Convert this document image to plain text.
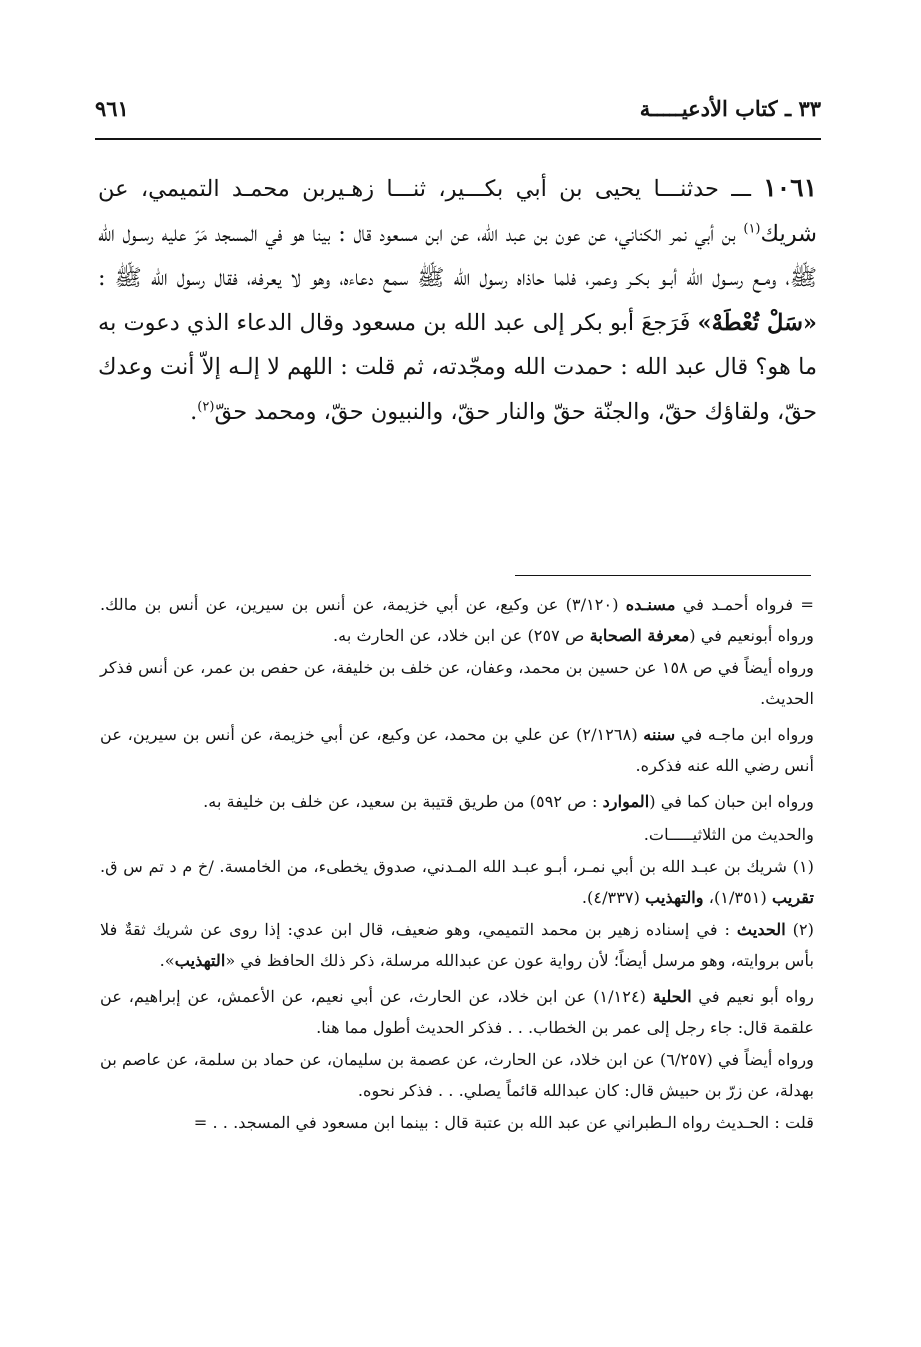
٣٣ ـ كتاب الأدعيـــــة
٩٦١
١٠٦١ ـــ حدثنـــا يحيى بن أبي بكـــير، ثنـــا زهـيربن محمـد التميمي، عن شريك$^{(١)}$ بن أبي نمر الكناني، عن عون بن عبد الله، عن ابن مسعود قال : بينا هو في المسجد مَرّ عليه رسـول الله ﷺ، ومـع رسـول الله أبـو بكـر وعمر، فلما حاذاه رسول الله ﷺ سمع دعاءه، وهو لا يعرفه، فقال رسول الله ﷺ : «سَلْ تُعْطَهْ» فَرَجعَ أبو بكر إلى عبد الله بن مسعود وقال الدعاء الذي دعوت به ما هو؟ قال عبد الله : حمدت الله ومجّدته، ثم قلت : اللهم لا إلـه إلاّ أنت وعدك حقّ، ولقاؤك حقّ، والجنّة حقّ والنار حقّ، والنبيون حقّ، ومحمد حقّ$^{(٢)}$.

= فرواه أحمـد في مسنـده (٣/١٢٠) عن وكيع، عن أبي خزيمة، عن أنس بن سيرين، عن أنس بن مالك. ورواه أبونعيم في (معرفة الصحابة ص ٢٥٧) عن ابن خلاد، عن الحارث به.

ورواه أيضاً في ص ١٥٨ عن حسين بن محمد، وعفان، عن خلف بن خليفة، عن حفص بن عمر، عن أنس فذكر الحديث.

ورواه ابن ماجـه في سننه (٢/١٢٦٨) عن علي بن محمد، عن وكيع، عن أبي خزيمة، عن أنس بن سيرين، عن أنس رضي الله عنه فذكره.

ورواه ابن حبان كما في (الموارد : ص ٥٩٢) من طريق قتيبة بن سعيد، عن خلف بن خليفة به.

والحديث من الثلاثيـــــات.

(١) شريك بن عبـد الله بن أبي نمـر، أبـو عبـد الله المـدني، صدوق يخطىء، من الخامسة. /خ م د تم س ق. تقريب (١/٣٥١)، والتهذيب (٤/٣٣٧).

(٢) الحديث : في إسناده زهير بن محمد التميمي، وهو ضعيف، قال ابن عدي: إذا روى عن شريك ثقةٌ فلا بأس بروايته، وهو مرسل أيضاً؛ لأن رواية عون عن عبدالله مرسلة، ذكر ذلك الحافظ في «التهذيب».

رواه أبو نعيم في الحلية (١/١٢٤) عن ابن خلاد، عن الحارث، عن أبي نعيم، عن الأعمش، عن إبراهيم، عن علقمة قال: جاء رجل إلى عمر بن الخطاب. . . فذكر الحديث أطول مما هنا.

ورواه أيضاً في (٦/٢٥٧) عن ابن خلاد، عن الحارث، عن عصمة بن سليمان، عن حماد بن سلمة، عن عاصم بن بهدلة، عن زرّ بن حبيش قال: كان عبدالله قائماً يصلي. . . فذكر نحوه.

قلت : الحـديث رواه الـطبراني عن عبد الله بن عتبة قال : بينما ابن مسعود في المسجد. . . =
